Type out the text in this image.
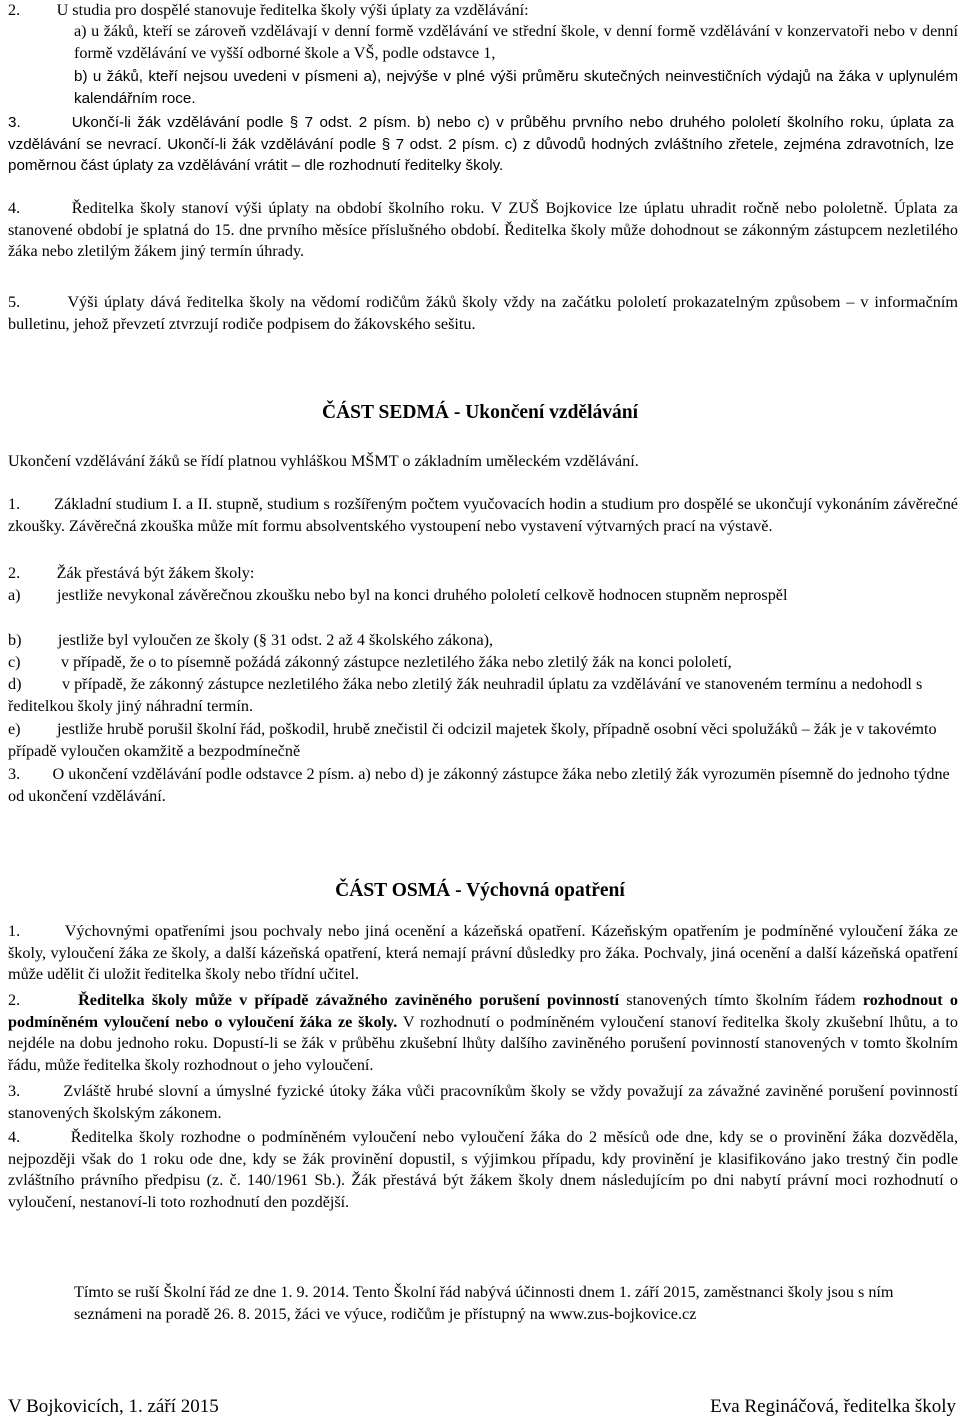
2.         U studia pro dospělé stanovuje ředitelka školy výši úplaty za vzdělávání:

a) u žáků, kteří se zároveň vzdělávají v denní formě vzdělávání ve střední škole, v denní formě vzdělávání v konzervatoři nebo v denní formě vzdělávání ve vyšší odborné škole a VŠ, podle odstavce 1,

b) u žáků, kteří nejsou uvedeni v písmeni a), nejvýše v plné výši průměru skutečných neinvestičních výdajů na žáka v uplynulém kalendářním roce.

3.        Ukončí-li žák vzdělávání podle § 7 odst. 2 písm. b) nebo c) v průběhu prvního nebo druhého pololetí školního roku, úplata za vzdělávání se nevrací. Ukončí-li žák vzdělávání podle § 7 odst. 2 písm. c) z důvodů hodných zvláštního zřetele, zejména zdravotních, lze poměrnou část úplaty za vzdělávání vrátit – dle rozhodnutí ředitelky školy.

4.        Ředitelka školy stanoví výši úplaty na období školního roku. V ZUŠ Bojkovice lze úplatu uhradit ročně nebo pololetně. Úplata za stanovené období je splatná do 15. dne prvního měsíce příslušného období. Ředitelka školy může dohodnout se zákonným zástupcem nezletilého žáka nebo zletilým žákem jiný termín úhrady.

5.        Výši úplaty dává ředitelka školy na vědomí rodičům žáků školy vždy na začátku pololetí prokazatelným způsobem – v informačním bulletinu, jehož převzetí ztvrzují rodiče podpisem do žákovského sešitu.

ČÁST SEDMÁ - Ukončení vzdělávání

Ukončení vzdělávání žáků se řídí platnou vyhláškou MŠMT o základním uměleckém vzdělávání.

1.        Základní studium I. a II. stupně, studium s rozšířeným počtem vyučovacích hodin a studium pro dospělé se ukončují vykonáním závěrečné zkoušky. Závěrečná zkouška může mít formu absolventského vystoupení nebo vystavení výtvarných prací na výstavě.

2.         Žák přestává být žákem školy:

a)         jestliže nevykonal závěrečnou zkoušku nebo byl na konci druhého pololetí celkově hodnocen stupněm neprospěl

b)         jestliže byl vyloučen ze školy (§ 31 odst. 2 až 4 školského zákona),

c)          v případě, že o to písemně požádá zákonný zástupce nezletilého žáka nebo zletilý žák na konci pololetí,

d)          v případě, že zákonný zástupce nezletilého žáka nebo zletilý žák neuhradil úplatu za vzdělávání ve stanoveném termínu a nedohodl s ředitelkou školy jiný náhradní termín.

e)         jestliže hrubě porušil školní řád, poškodil, hrubě znečistil či odcizil majetek školy, případně osobní věci spolužáků – žák je v takovémto případě vyloučen okamžitě a bezpodmínečně

3.        O ukončení vzdělávání podle odstavce 2 písm. a) nebo d) je zákonný zástupce žáka nebo zletilý žák vyrozumën písemně do jednoho týdne od ukončení vzdělávání.

ČÁST OSMÁ - Výchovná opatření

1.        Výchovnými opatřeními jsou pochvaly nebo jiná ocenění a kázeňská opatření. Kázeňským opatřením je podmíněné vyloučení žáka ze školy, vyloučení žáka ze školy, a další kázeňská opatření, která nemají právní důsledky pro žáka. Pochvaly, jiná ocenění a další kázeňská opatření může udělit či uložit ředitelka školy nebo třídní učitel.

2.        Ředitelka školy může v případě závažného zaviněného porušení povinností stanovených tímto školním řádem rozhodnout o podmíněném vyloučení nebo o vyloučení žáka ze školy. V rozhodnutí o podmíněném vyloučení stanoví ředitelka školy zkušební lhůtu, a to nejdéle na dobu jednoho roku. Dopustí-li se žák v průběhu zkušební lhůty dalšího zaviněného porušení povinností stanovených v tomto školním řádu, může ředitelka školy rozhodnout o jeho vyloučení.

3.        Zvláště hrubé slovní a úmyslné fyzické útoky žáka vůči pracovníkům školy se vždy považují za závažné zaviněné porušení povinností stanovených školským zákonem.

4.        Ředitelka školy rozhodne o podmíněném vyloučení nebo vyloučení žáka do 2 měsíců ode dne, kdy se o provinění žáka dozvěděla, nejpozději však do 1 roku ode dne, kdy se žák provinění dopustil, s výjimkou případu, kdy provinění je klasifikováno jako trestný čin podle zvláštního právního předpisu (z. č. 140/1961 Sb.). Žák přestává být žákem školy dnem následujícím po dni nabytí právní moci rozhodnutí o vyloučení, nestanoví-li toto rozhodnutí den pozdější.

Tímto se ruší Školní řád ze dne 1. 9. 2014. Tento Školní řád nabývá účinnosti dnem 1. září 2015, zaměstnanci školy jsou s ním seznámeni na poradě 26. 8. 2015, žáci ve výuce, rodičům je přístupný na www.zus-bojkovice.cz

V Bojkovicích, 1. září 2015	Eva Regináčová, ředitelka školy
